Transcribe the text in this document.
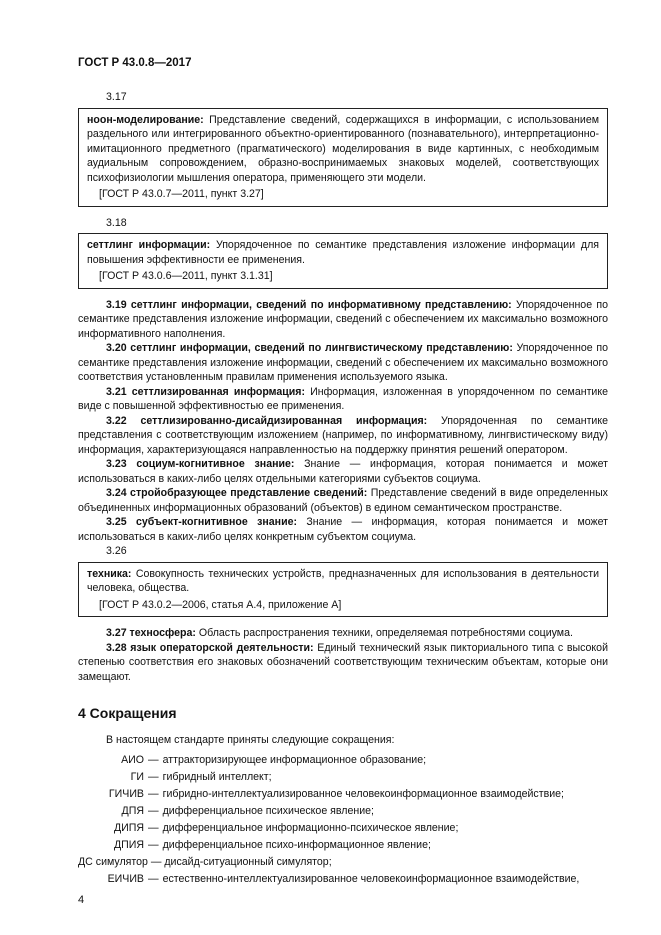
ГОСТ Р 43.0.8—2017

3.17

ноон-моделирование: Представление сведений, содержащихся в информации, с использованием раздельного или интегрированного объектно-ориентированного (познавательного), интерпретационно-имитационного предметного (прагматического) моделирования в виде картинных, с необходимым аудиальным сопровождением, образно-воспринимаемых знаковых моделей, соответствующих психофизиологии мышления оператора, применяющего эти модели.

[ГОСТ Р 43.0.7—2011, пункт 3.27]

3.18

сеттлинг информации: Упорядоченное по семантике представления изложение информации для повышения эффективности ее применения.

[ГОСТ Р 43.0.6—2011, пункт 3.1.31]

3.19 сеттлинг информации, сведений по информативному представлению: Упорядоченное по семантике представления изложение информации, сведений с обеспечением их максимально возможного информативного наполнения.

3.20 сеттлинг информации, сведений по лингвистическому представлению: Упорядоченное по семантике представления изложение информации, сведений с обеспечением их максимально возможного соответствия установленным правилам применения используемого языка.

3.21 сеттлизированная информация: Информация, изложенная в упорядоченном по семантике виде с повышенной эффективностью ее применения.

3.22 сеттлизированно-дисайдизированная информация: Упорядоченная по семантике представления с соответствующим изложением (например, по информативному, лингвистическому виду) информация, характеризующаяся направленностью на поддержку принятия решений оператором.

3.23 социум-когнитивное знание: Знание — информация, которая понимается и может использоваться в каких-либо целях отдельными категориями субъектов социума.

3.24 стройобразующее представление сведений: Представление сведений в виде определенных объединенных информационных образований (объектов) в едином семантическом пространстве.

3.25 субъект-когнитивное знание: Знание — информация, которая понимается и может использоваться в каких-либо целях конкретным субъектом социума.

3.26

техника: Совокупность технических устройств, предназначенных для использования в деятельности человека, общества.

[ГОСТ Р 43.0.2—2006, статья А.4, приложение А]

3.27 техносфера: Область распространения техники, определяемая потребностями социума.

3.28 язык операторской деятельности: Единый технический язык пиктoриального типа с высокой степенью соответствия его знаковых обозначений соответствующим техническим объектам, которые они замещают.

4 Сокращения

В настоящем стандарте приняты следующие сокращения:

АИО — аттракторизирующее информационное образование;
ГИ — гибридный интеллект;
ГИЧИВ — гибридно-интеллектуализированное человекоинформационное взаимодействие;
ДПЯ — дифференциальное психическое явление;
ДИПЯ — дифференциальное информационно-психическое явление;
ДПИЯ — дифференциальное психо-информационное явление;
ДС симулятор — дисайд-ситуационный симулятор;
ЕИЧИВ — естественно-интеллектуализированное человекоинформационное взаимодействие,
4
